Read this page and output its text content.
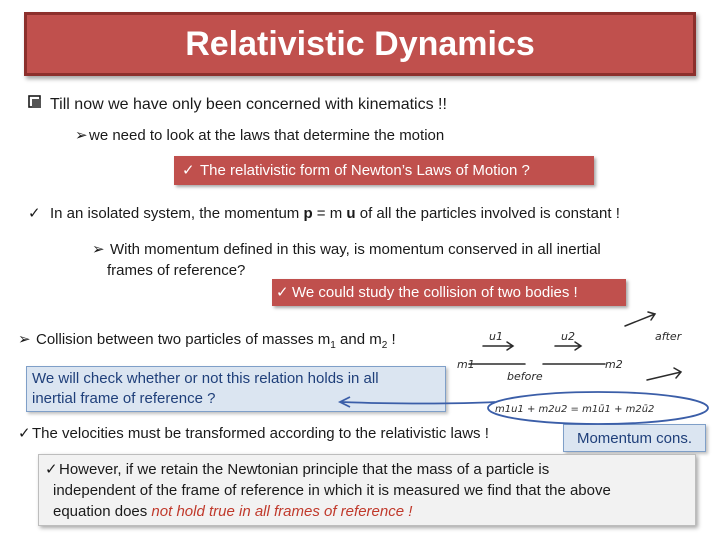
Relativistic Dynamics
Till now we have only been concerned with kinematics !!
➢we need to look at the laws that determine the motion
✓ The relativistic form of Newton’s Laws of Motion ?
✓ In an isolated system, the momentum p = m u of all the particles involved is constant !
➢ With momentum defined in this way, is momentum conserved in all inertial
frames of reference?
✓ We could study the collision of two bodies !
➢ Collision between two particles of masses $m_1$ and $m_2$ !
We will check whether or not this relation holds in all
inertial frame of reference ?
✓The velocities must be transformed according to the relativistic laws !	Momentum cons.
✓However, if we retain the Newtonian principle that the mass of a particle is
independent of the frame of reference in which it is measured we find that the above
equation does not hold true in all frames of reference !
u1	u2
m1	m2
before
after
m1u1 + m2u2 = m1ū1 + m2ū2
